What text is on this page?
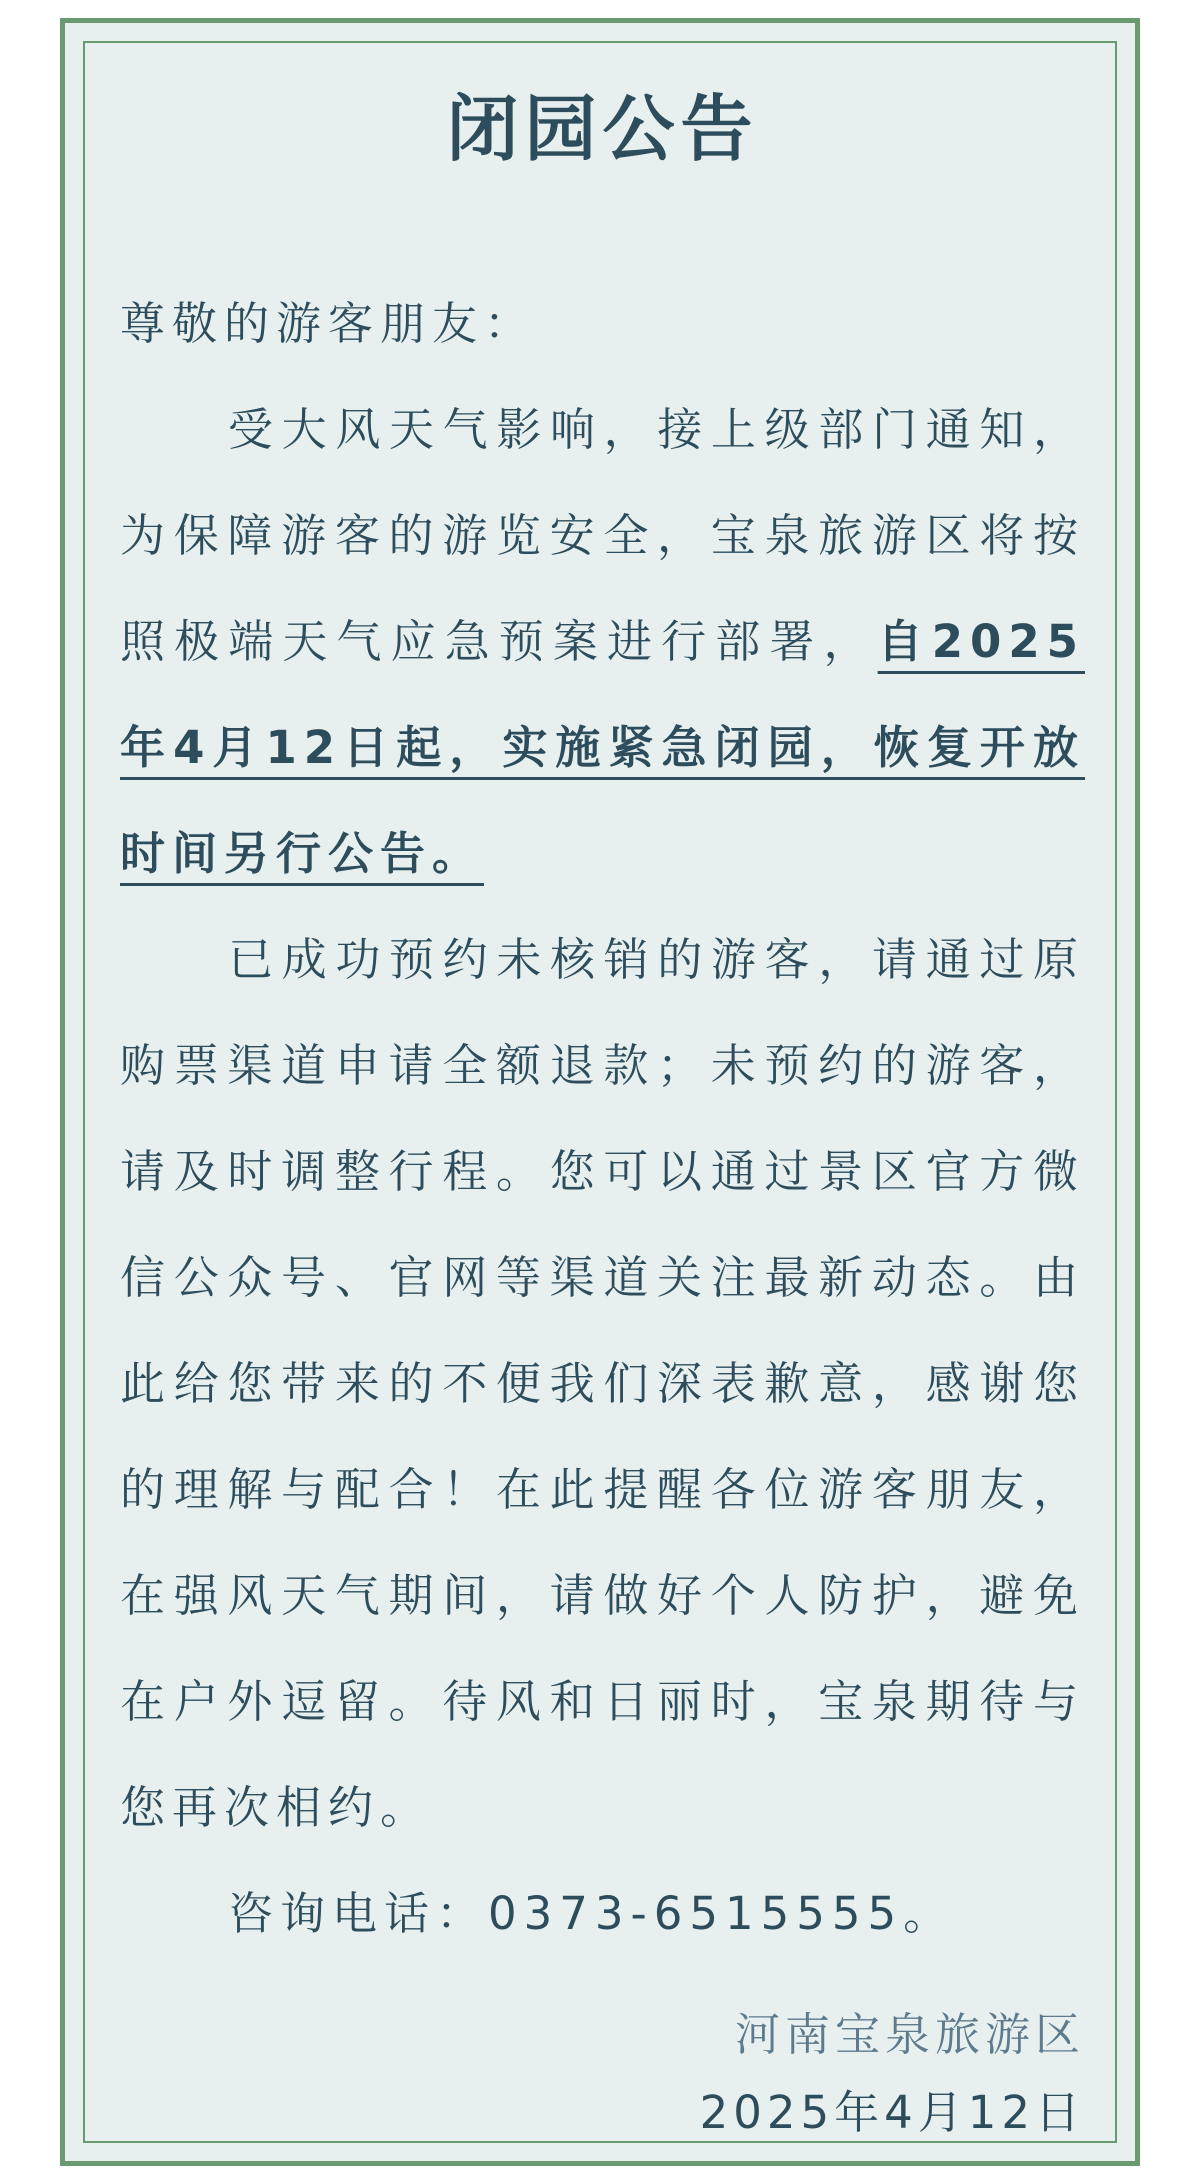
闭园公告

尊敬的游客朋友：

受大风天气影响，接上级部门通知，为保障游客的游览安全，宝泉旅游区将按照极端天气应急预案进行部署，自2025年4月12日起，实施紧急闭园，恢复开放时间另行公告。

已成功预约未核销的游客，请通过原购票渠道申请全额退款；未预约的游客，请及时调整行程。您可以通过景区官方微信公众号、官网等渠道关注最新动态。由此给您带来的不便我们深表歉意，感谢您的理解与配合！在此提醒各位游客朋友，在强风天气期间，请做好个人防护，避免在户外逗留。待风和日丽时，宝泉期待与您再次相约。

咨询电话：0373-6515555。

河南宝泉旅游区
2025年4月12日
